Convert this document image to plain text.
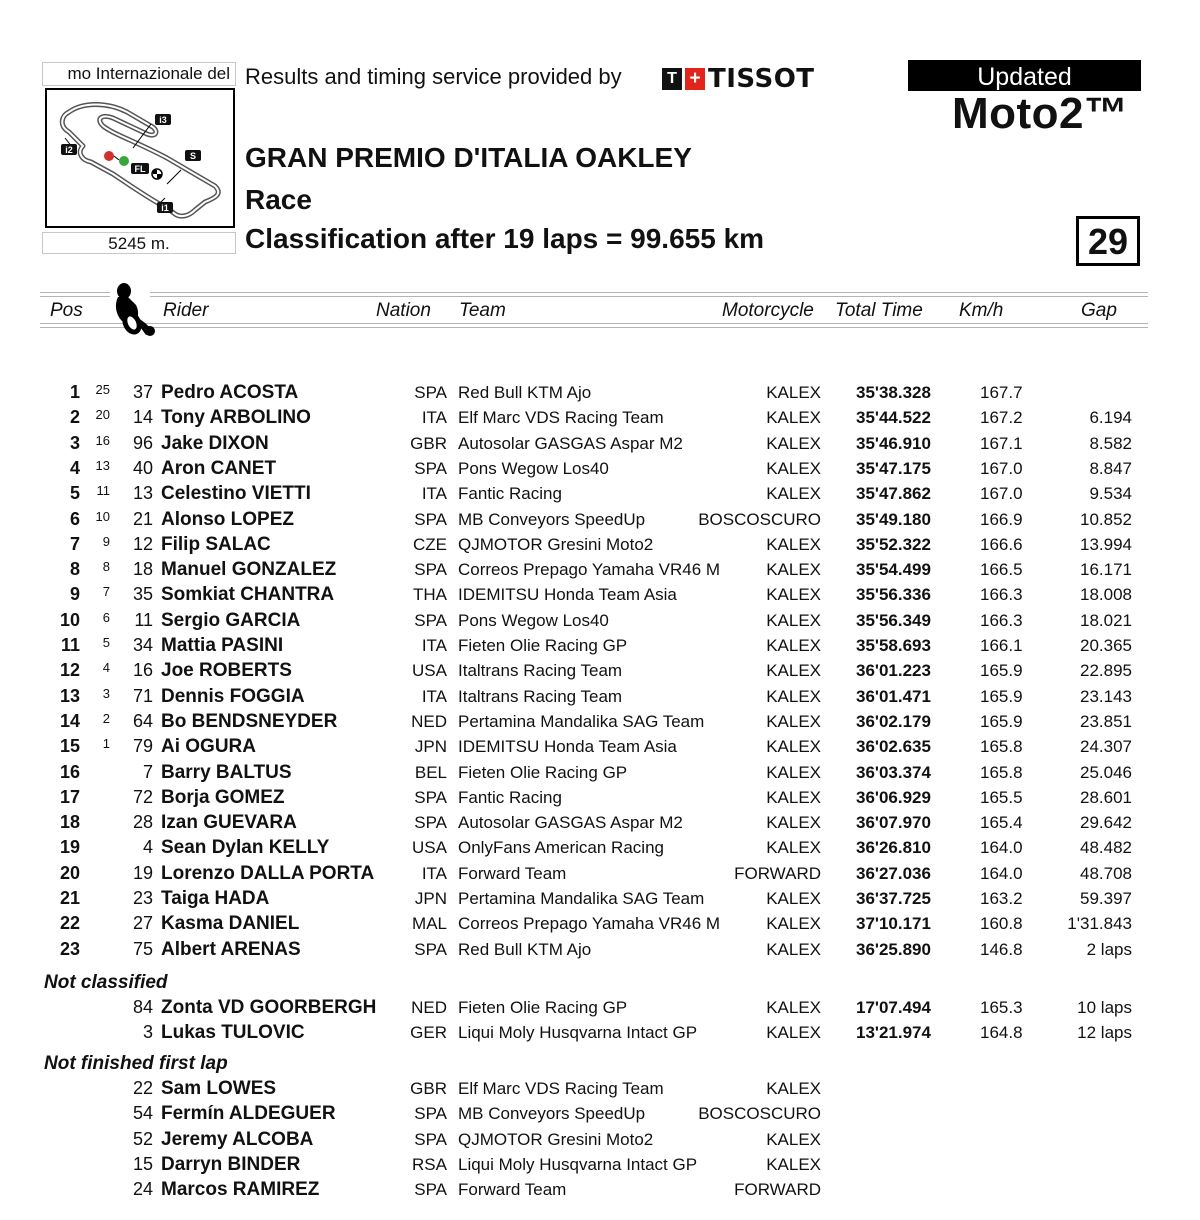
mo Internazionale del
i3
i2
S
i1
FL
5245 m.
Results and timing service provided by	T + TISSOT	Updated
Moto2™
GRAN PREMIO D'ITALIA OAKLEY
Race
Classification after 19 laps = 99.655 km	29
Pos	Rider	Nation Team	Motorcycle Total Time Km/h	Gap
1 25 37 Pedro ACOSTA	SPA Red Bull KTM Ajo	KALEX 35'38.328	167.7
2 20 14 Tony ARBOLINO	ITA Elf Marc VDS Racing Team	KALEX 35'44.522	167.2	6.194
3 16 96 Jake DIXON	GBR Autosolar GASGAS Aspar M2	KALEX 35'46.910	167.1	8.582
4 13 40 Aron CANET	SPA Pons Wegow Los40	KALEX 35'47.175	167.0	8.847
5 11 13 Celestino VIETTI	ITA Fantic Racing	KALEX 35'47.862	167.0	9.534
6 10 21 Alonso LOPEZ	SPA MB Conveyors SpeedUp	BOSCOSCURO 35'49.180	166.9	10.852
7 9 12 Filip SALAC	CZE QJMOTOR Gresini Moto2	KALEX 35'52.322	166.6	13.994
8 8 18 Manuel GONZALEZ	SPA Correos Prepago Yamaha VR46 M	KALEX 35'54.499	166.5	16.171
9 7 35 Somkiat CHANTRA	THA IDEMITSU Honda Team Asia	KALEX 35'56.336	166.3	18.008
10 6 11 Sergio GARCIA	SPA Pons Wegow Los40	KALEX 35'56.349	166.3	18.021
11 5 34 Mattia PASINI	ITA Fieten Olie Racing GP	KALEX 35'58.693	166.1	20.365
12 4 16 Joe ROBERTS	USA Italtrans Racing Team	KALEX 36'01.223	165.9	22.895
13 3 71 Dennis FOGGIA	ITA Italtrans Racing Team	KALEX 36'01.471	165.9	23.143
14 2 64 Bo BENDSNEYDER	NED Pertamina Mandalika SAG Team	KALEX 36'02.179	165.9	23.851
15 1 79 Ai OGURA	JPN IDEMITSU Honda Team Asia	KALEX 36'02.635	165.8	24.307
16	7 Barry BALTUS	BEL Fieten Olie Racing GP	KALEX 36'03.374	165.8	25.046
17	72 Borja GOMEZ	SPA Fantic Racing	KALEX 36'06.929	165.5	28.601
18	28 Izan GUEVARA	SPA Autosolar GASGAS Aspar M2	KALEX 36'07.970	165.4	29.642
19	4 Sean Dylan KELLY	USA OnlyFans American Racing	KALEX 36'26.810	164.0	48.482
20	19 Lorenzo DALLA PORTA	ITA Forward Team	FORWARD 36'27.036	164.0	48.708
21	23 Taiga HADA	JPN Pertamina Mandalika SAG Team	KALEX 36'37.725	163.2	59.397
22	27 Kasma DANIEL	MAL Correos Prepago Yamaha VR46 M	KALEX 37'10.171	160.8	1'31.843
23	75 Albert ARENAS	SPA Red Bull KTM Ajo	KALEX 36'25.890	146.8	2 laps
84 Zonta VD GOORBERGH NED Fieten Olie Racing GP	KALEX 17'07.494	165.3	10 laps
3 Lukas TULOVIC	GER Liqui Moly Husqvarna Intact GP	KALEX 13'21.974	164.8	12 laps
22 Sam LOWES	GBR Elf Marc VDS Racing Team	KALEX
54 Fermín ALDEGUER	SPA MB Conveyors SpeedUp	BOSCOSCURO
52 Jeremy ALCOBA	SPA QJMOTOR Gresini Moto2	KALEX
15 Darryn BINDER	RSA Liqui Moly Husqvarna Intact GP	KALEX
24 Marcos RAMIREZ	SPA Forward Team	FORWARD
Not classified
Not finished first lap
